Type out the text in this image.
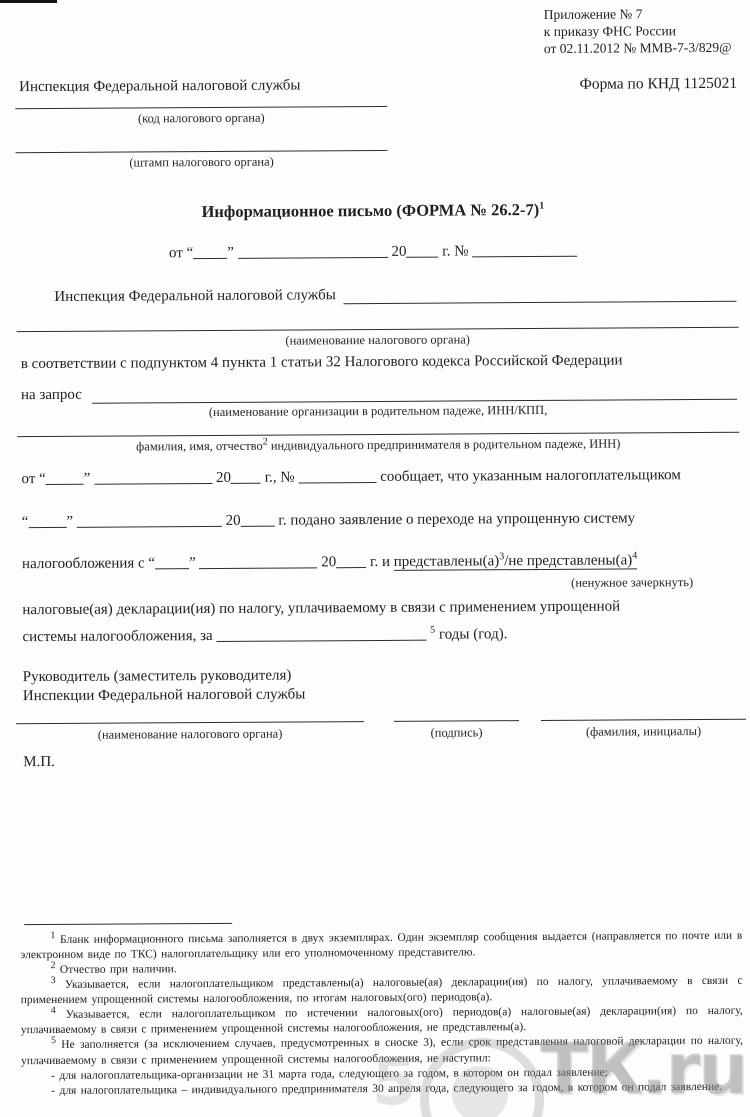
Приложение № 7
к приказу ФНС России
от 02.11.2012 № ММВ-7-3/829@
Инспекция Федеральной налоговой службы	Форма по КНД 1125021
(код налогового органа)
(штамп налогового органа)
Информационное письмо (ФОРМА № 26.2-7)$^1$
от “ ”	20 г. №
Инспекция Федеральной налоговой службы
(наименование налогового органа)
в соответствии с подпунктом 4 пункта 1 статьи 32 Налогового кодекса Российской Федерации
на запрос
(наименование организации в родительном падеже, ИНН/КПП,
фамилия, имя, отчество$^2$ индивидуального предпринимателя в родительном падеже, ИНН)
от “	”	20 г., №	сообщает, что указанным налогоплательщиком
“	”	20	г. подано заявление о переходе на упрощенную систему
налогообложения с “ ”	20 г. и $представлены(а)^3/не$ $представлены(а)^4$
(ненужное зачеркнуть)
налоговые(ая) декларации(ия) по налогу, уплачиваемому в связи с применением упрощенной
системы налогообложения, за	$^5$ годы (год).
Руководитель (заместитель руководителя)
Инспекции Федеральной налоговой службы
(наименование налогового органа)	(подпись)	(фамилия, инициалы)
М.П.
$^1$ Бланк информационного письма заполняется в двух экземплярах. Один экземпляр сообщения выдается (направляется по почте или в электронном виде по ТКС) налогоплательщику или его уполномоченному представителю.
$^2$ Отчество при наличии.
$^3$ Указывается, если налогоплательщиком представлены(а) налоговые(ая) декларации(ия) по налогу, уплачиваемому в связи с применением упрощенной системы налогообложения, по итогам налоговых(ого) периодов(а).
$^4$ Указывается, если налогоплательщиком по истечении налоговых(ого) периодов(а) налоговые(ая) декларации(ия) по налогу, уплачиваемому в связи с применением упрощенной системы налогообложения, не представлены(а).
$^5$ Не заполняется (за исключением случаев, предусмотренных в сноске 3), если срок представления налоговой декларации по налогу, уплачиваемому в связи с применением упрощенной системы налогообложения, не наступил:
- для налогоплательщика-организации не 31 марта года, следующего за годом, в котором он подал заявление;
- для налогоплательщика – индивидуального предпринимателя 30 апреля года, следующего за годом, в котором он подал заявление.
5 ТК.ru
